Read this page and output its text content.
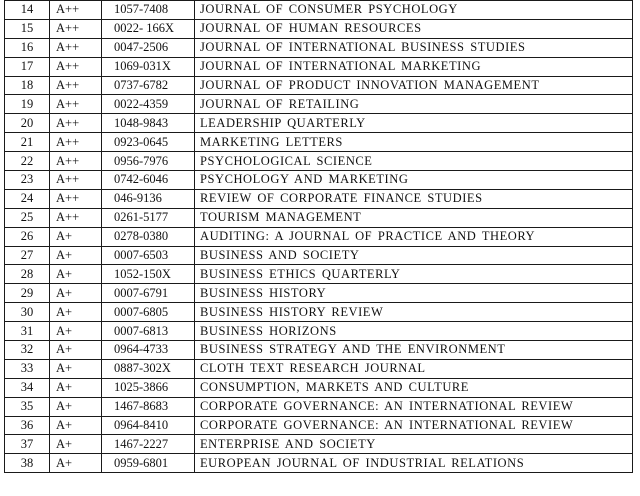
14	A++	1057-7408	JOURNAL OF CONSUMER PSYCHOLOGY
15	A++	0022- 166X	JOURNAL OF HUMAN RESOURCES
16	A++	0047-2506	JOURNAL OF INTERNATIONAL BUSINESS STUDIES
17	A++	1069-031X	JOURNAL OF INTERNATIONAL MARKETING
18	A++	0737-6782	JOURNAL OF PRODUCT INNOVATION MANAGEMENT
19	A++	0022-4359	JOURNAL OF RETAILING
20	A++	1048-9843	LEADERSHIP QUARTERLY
21	A++	0923-0645	MARKETING LETTERS
22	A++	0956-7976	PSYCHOLOGICAL SCIENCE
23	A++	0742-6046	PSYCHOLOGY AND MARKETING
24	A++	046-9136	REVIEW OF CORPORATE FINANCE STUDIES
25	A++	0261-5177	TOURISM MANAGEMENT
26	A+	0278-0380	AUDITING: A JOURNAL OF PRACTICE AND THEORY
27	A+	0007-6503	BUSINESS AND SOCIETY
28	A+	1052-150X	BUSINESS ETHICS QUARTERLY
29	A+	0007-6791	BUSINESS HISTORY
30	A+	0007-6805	BUSINESS HISTORY REVIEW
31	A+	0007-6813	BUSINESS HORIZONS
32	A+	0964-4733	BUSINESS STRATEGY AND THE ENVIRONMENT
33	A+	0887-302X	CLOTH TEXT RESEARCH JOURNAL
34	A+	1025-3866	CONSUMPTION, MARKETS AND CULTURE
35	A+	1467-8683	CORPORATE GOVERNANCE: AN INTERNATIONAL REVIEW
36	A+	0964-8410	CORPORATE GOVERNANCE: AN INTERNATIONAL REVIEW
37	A+	1467-2227	ENTERPRISE AND SOCIETY
38	A+	0959-6801	EUROPEAN JOURNAL OF INDUSTRIAL RELATIONS
